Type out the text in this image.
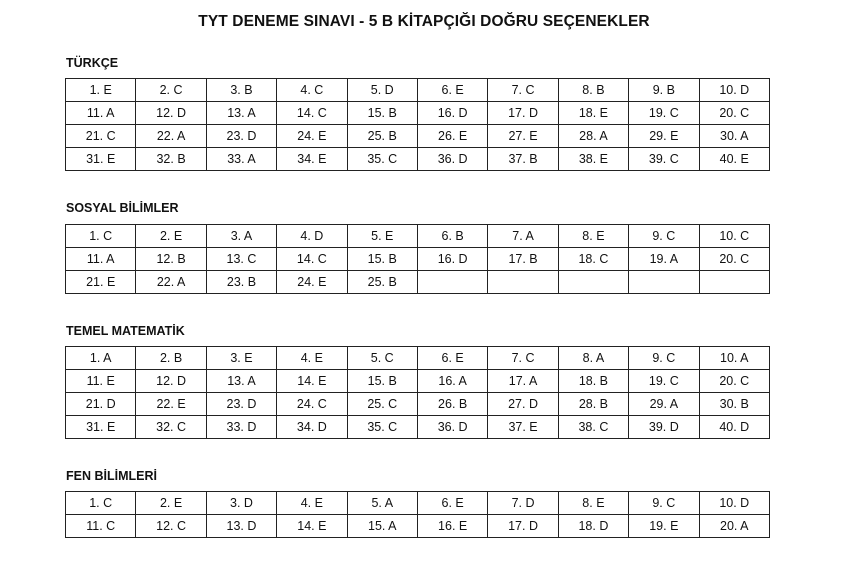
TYT DENEME SINAVI - 5 B KİTAPÇIĞI DOĞRU SEÇENEKLER
TÜRKÇE
1. E	2. C	3. B	4. C	5. D	6. E	7. C	8. B	9. B	10. D
11. A	12. D	13. A	14. C	15. B	16. D	17. D	18. E	19. C	20. C
21. C	22. A	23. D	24. E	25. B	26. E	27. E	28. A	29. E	30. A
31. E	32. B	33. A	34. E	35. C	36. D	37. B	38. E	39. C	40. E
SOSYAL BİLİMLER
1. C	2. E	3. A	4. D	5. E	6. B	7. A	8. E	9. C	10. C
11. A	12. B	13. C	14. C	15. B	16. D	17. B	18. C	19. A	20. C
21. E	22. A	23. B	24. E	25. B					
TEMEL MATEMATİK
1. A	2. B	3. E	4. E	5. C	6. E	7. C	8. A	9. C	10. A
11. E	12. D	13. A	14. E	15. B	16. A	17. A	18. B	19. C	20. C
21. D	22. E	23. D	24. C	25. C	26. B	27. D	28. B	29. A	30. B
31. E	32. C	33. D	34. D	35. C	36. D	37. E	38. C	39. D	40. D
FEN BİLİMLERİ
1. C	2. E	3. D	4. E	5. A	6. E	7. D	8. E	9. C	10. D
11. C	12. C	13. D	14. E	15. A	16. E	17. D	18. D	19. E	20. A
